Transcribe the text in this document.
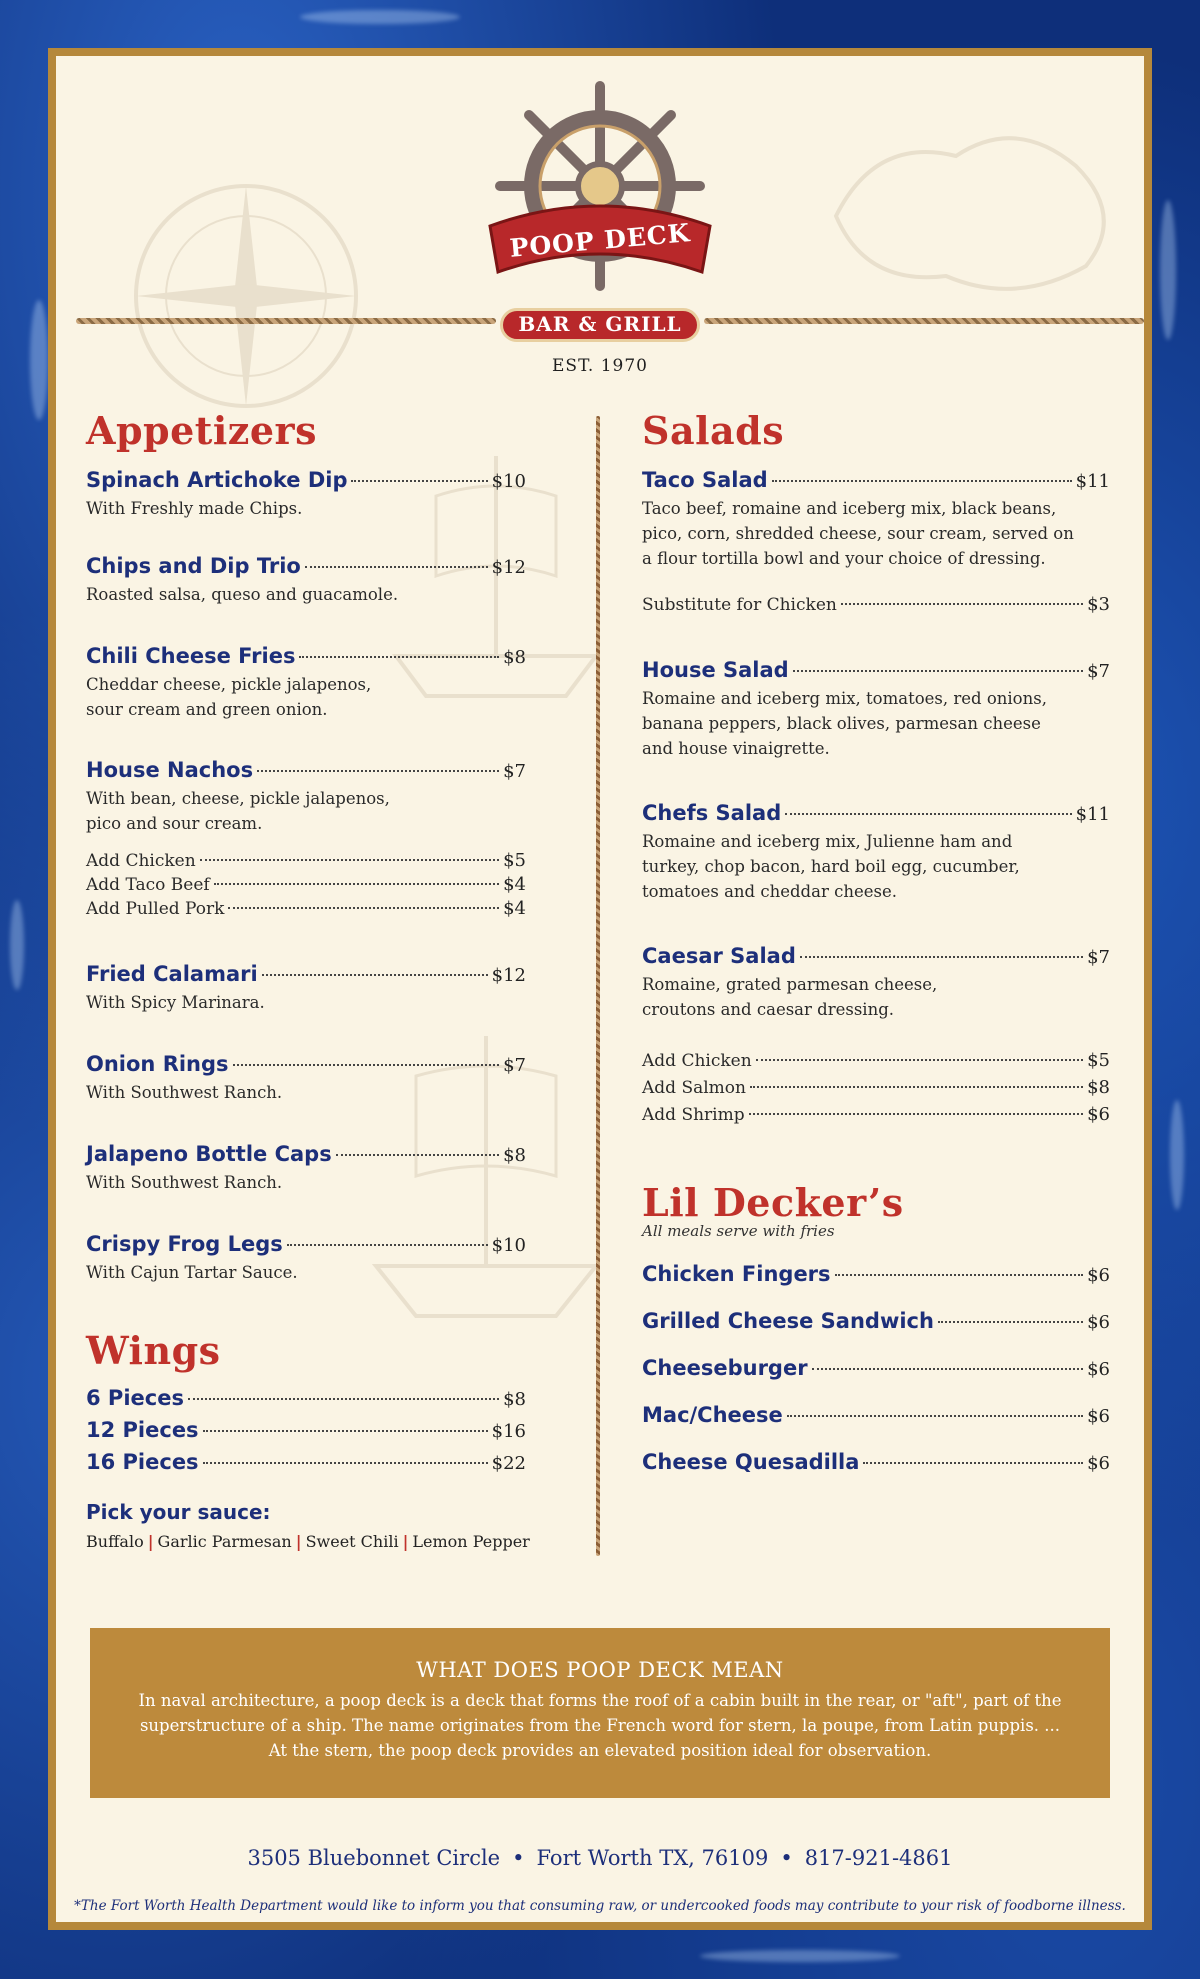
POOP DECK
BAR & GRILL
EST. 1970
Appetizers
Spinach Artichoke Dip	$10
With Freshly made Chips.
Chips and Dip Trio	$12
Roasted salsa, queso and guacamole.
Chili Cheese Fries	$8
Cheddar cheese, pickle jalapenos,
sour cream and green onion.
House Nachos	$7
With bean, cheese, pickle jalapenos,
pico and sour cream.
Add Chicken	$5
Add Taco Beef	$4
Add Pulled Pork	$4
Fried Calamari	$12
With Spicy Marinara.
Onion Rings	$7
With Southwest Ranch.
Jalapeno Bottle Caps	$8
With Southwest Ranch.
Crispy Frog Legs	$10
With Cajun Tartar Sauce.
Wings
6 Pieces	$8
12 Pieces	$16
16 Pieces	$22
Pick your sauce:
Buffalo | Garlic Parmesan | Sweet Chili | Lemon Pepper
Salads
Taco Salad	$11
Taco beef, romaine and iceberg mix, black beans,
pico, corn, shredded cheese, sour cream, served on
a flour tortilla bowl and your choice of dressing.
Substitute for Chicken	$3
House Salad	$7
Romaine and iceberg mix, tomatoes, red onions,
banana peppers, black olives, parmesan cheese
and house vinaigrette.
Chefs Salad	$11
Romaine and iceberg mix, Julienne ham and
turkey, chop bacon, hard boil egg, cucumber,
tomatoes and cheddar cheese.
Caesar Salad	$7
Romaine, grated parmesan cheese,
croutons and caesar dressing.
Add Chicken	$5
Add Salmon	$8
Add Shrimp	$6
Lil Decker’s
All meals serve with fries
Chicken Fingers	$6
Grilled Cheese Sandwich	$6
Cheeseburger	$6
Mac/Cheese	$6
Cheese Quesadilla	$6
WHAT DOES POOP DECK MEAN
In naval architecture, a poop deck is a deck that forms the roof of a cabin built in the rear, or "aft", part of the superstructure of a ship. The name originates from the French word for stern, la poupe, from Latin puppis. ... At the stern, the poop deck provides an elevated position ideal for observation.
3505 Bluebonnet Circle • Fort Worth TX, 76109 • 817-921-4861
*The Fort Worth Health Department would like to inform you that consuming raw, or undercooked foods may contribute to your risk of foodborne illness.
